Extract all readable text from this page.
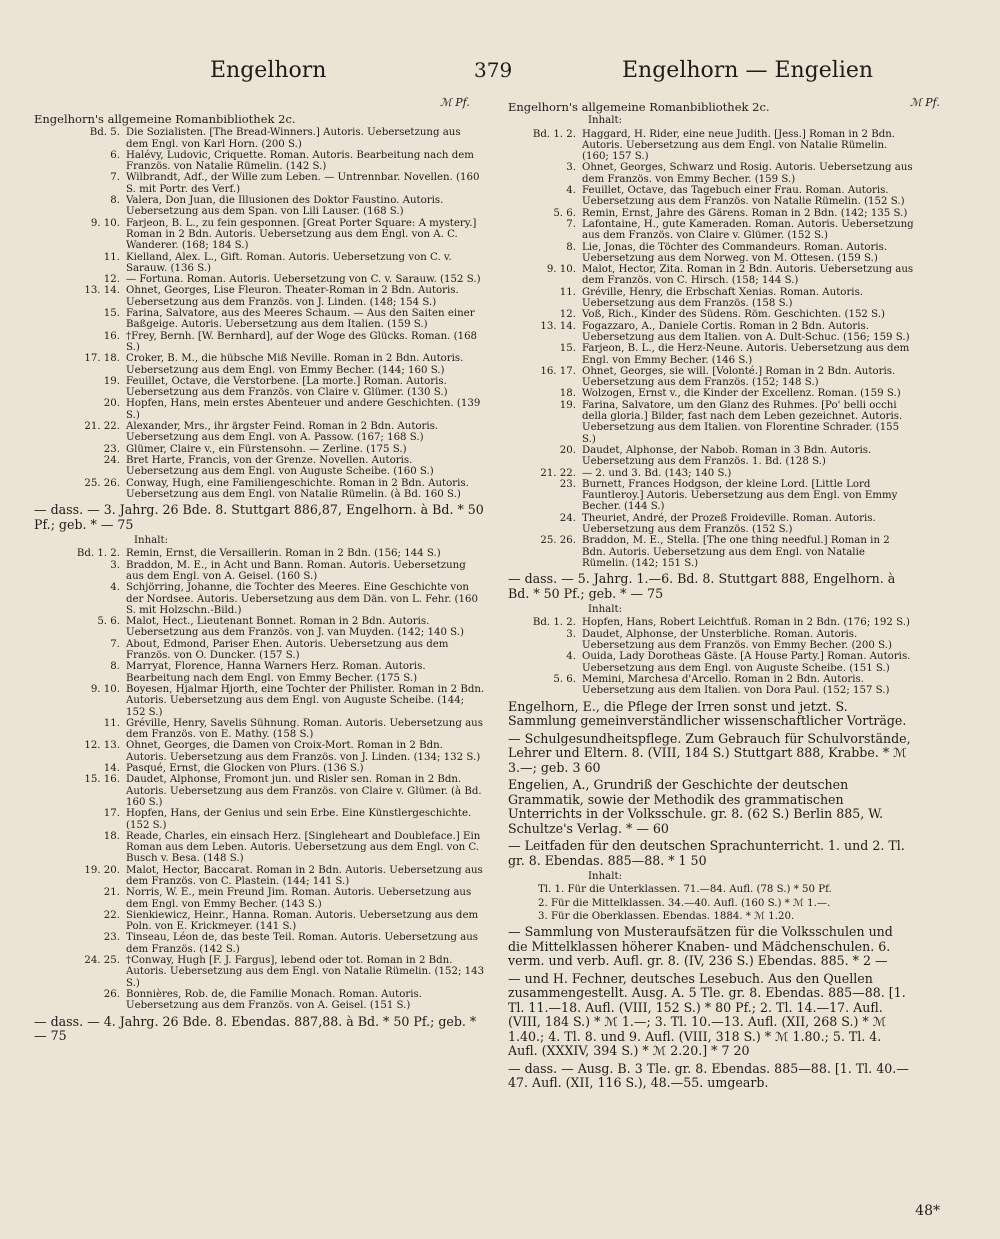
Engelhorn	379	Engelhorn — Engelien
ℳ Pf.	ℳ Pf.
Engelhorn's allgemeine Romanbibliothek 2c.
Bd. 5. Die Sozialisten. [The Bread-Winners.] Autoris. Uebersetzung aus dem Engl. von Karl Horn. (200 S.)
6. Halévy, Ludovic, Criquette. Roman. Autoris. Bearbeitung nach dem Französ. von Natalie Rümelin. (142 S.)
7. Wilbrandt, Adf., der Wille zum Leben. — Untrennbar. Novellen. (160 S. mit Portr. des Verf.)
8. Valera, Don Juan, die Illusionen des Doktor Faustino. Autoris. Uebersetzung aus dem Span. von Lili Lauser. (168 S.)
9. 10. Farjeon, B. L., zu fein gesponnen. [Great Porter Square: A mystery.] Roman in 2 Bdn. Autoris. Uebersetzung aus dem Engl. von A. C. Wanderer. (168; 184 S.)
11. Kielland, Alex. L., Gift. Roman. Autoris. Uebersetzung von C. v. Sarauw. (136 S.)
12. — Fortuna. Roman. Autoris. Uebersetzung von C. v. Sarauw. (152 S.)
13. 14. Ohnet, Georges, Lise Fleuron. Theater-Roman in 2 Bdn. Autoris. Uebersetzung aus dem Französ. von J. Linden. (148; 154 S.)
15. Farina, Salvatore, aus des Meeres Schaum. — Aus den Saiten einer Baßgeige. Autoris. Uebersetzung aus dem Italien. (159 S.)
16. †Frey, Bernh. [W. Bernhard], auf der Woge des Glücks. Roman. (168 S.)
17. 18. Croker, B. M., die hübsche Miß Neville. Roman in 2 Bdn. Autoris. Uebersetzung aus dem Engl. von Emmy Becher. (144; 160 S.)
19. Feuillet, Octave, die Verstorbene. [La morte.] Roman. Autoris. Uebersetzung aus dem Französ. von Claire v. Glümer. (130 S.)
20. Hopfen, Hans, mein erstes Abenteuer und andere Geschichten. (139 S.)
21. 22. Alexander, Mrs., ihr ärgster Feind. Roman in 2 Bdn. Autoris. Uebersetzung aus dem Engl. von A. Passow. (167; 168 S.)
23. Glümer, Claire v., ein Fürstensohn. — Zerline. (175 S.)
24. Bret Harte, Francis, von der Grenze. Novellen. Autoris. Uebersetzung aus dem Engl. von Auguste Scheibe. (160 S.)
25. 26. Conway, Hugh, eine Familiengeschichte. Roman in 2 Bdn. Autoris. Uebersetzung aus dem Engl. von Natalie Rümelin. (à Bd. 160 S.)
— dass. — 3. Jahrg. 26 Bde. 8. Stuttgart 886,87, Engelhorn. à Bd. * 50 Pf.; geb. * — 75
Inhalt:
Bd. 1. 2. Remin, Ernst, die Versaillerin. Roman in 2 Bdn. (156; 144 S.)
3. Braddon, M. E., in Acht und Bann. Roman. Autoris. Uebersetzung aus dem Engl. von A. Geisel. (160 S.)
4. Schjörring, Johanne, die Tochter des Meeres. Eine Geschichte von der Nordsee. Autoris. Uebersetzung aus dem Dän. von L. Fehr. (160 S. mit Holzschn.-Bild.)
5. 6. Malot, Hect., Lieutenant Bonnet. Roman in 2 Bdn. Autoris. Uebersetzung aus dem Französ. von J. van Muyden. (142; 140 S.)
7. About, Edmond, Pariser Ehen. Autoris. Uebersetzung aus dem Französ. von O. Duncker. (157 S.)
8. Marryat, Florence, Hanna Warners Herz. Roman. Autoris. Bearbeitung nach dem Engl. von Emmy Becher. (175 S.)
9. 10. Boyesen, Hjalmar Hjorth, eine Tochter der Philister. Roman in 2 Bdn. Autoris. Uebersetzung aus dem Engl. von Auguste Scheibe. (144; 152 S.)
11. Gréville, Henry, Savelis Sühnung. Roman. Autoris. Uebersetzung aus dem Französ. von E. Mathy. (158 S.)
12. 13. Ohnet, Georges, die Damen von Croix-Mort. Roman in 2 Bdn. Autoris. Uebersetzung aus dem Französ. von J. Linden. (134; 132 S.)
14. Pasqué, Ernst, die Glocken von Plurs. (136 S.)
15. 16. Daudet, Alphonse, Fromont jun. und Risler sen. Roman in 2 Bdn. Autoris. Uebersetzung aus dem Französ. von Claire v. Glümer. (à Bd. 160 S.)
17. Hopfen, Hans, der Genius und sein Erbe. Eine Künstlergeschichte. (152 S.)
18. Reade, Charles, ein einsach Herz. [Singleheart and Doubleface.] Ein Roman aus dem Leben. Autoris. Uebersetzung aus dem Engl. von C. Busch v. Besa. (148 S.)
19. 20. Malot, Hector, Baccarat. Roman in 2 Bdn. Autoris. Uebersetzung aus dem Französ. von C. Plastein. (144; 141 S.)
21. Norris, W. E., mein Freund Jim. Roman. Autoris. Uebersetzung aus dem Engl. von Emmy Becher. (143 S.)
22. Sienkiewicz, Heinr., Hanna. Roman. Autoris. Uebersetzung aus dem Poln. von E. Krickmeyer. (141 S.)
23. Tinseau, Léon de, das beste Teil. Roman. Autoris. Uebersetzung aus dem Französ. (142 S.)
24. 25. †Conway, Hugh [F. J. Fargus], lebend oder tot. Roman in 2 Bdn. Autoris. Uebersetzung aus dem Engl. von Natalie Rümelin. (152; 143 S.)
26. Bonnières, Rob. de, die Familie Monach. Roman. Autoris. Uebersetzung aus dem Französ. von A. Geisel. (151 S.)
— dass. — 4. Jahrg. 26 Bde. 8. Ebendas. 887,88. à Bd. * 50 Pf.; geb. * — 75
Engelhorn's allgemeine Romanbibliothek 2c.
Inhalt:
Bd. 1. 2. Haggard, H. Rider, eine neue Judith. [Jess.] Roman in 2 Bdn. Autoris. Uebersetzung aus dem Engl. von Natalie Rümelin. (160; 157 S.)
3. Ohnet, Georges, Schwarz und Rosig. Autoris. Uebersetzung aus dem Französ. von Emmy Becher. (159 S.)
4. Feuillet, Octave, das Tagebuch einer Frau. Roman. Autoris. Uebersetzung aus dem Französ. von Natalie Rümelin. (152 S.)
5. 6. Remin, Ernst, Jahre des Gärens. Roman in 2 Bdn. (142; 135 S.)
7. Lafontaine, H., gute Kameraden. Roman. Autoris. Uebersetzung aus dem Französ. von Claire v. Glümer. (152 S.)
8. Lie, Jonas, die Töchter des Commandeurs. Roman. Autoris. Uebersetzung aus dem Norweg. von M. Ottesen. (159 S.)
9. 10. Malot, Hector, Zita. Roman in 2 Bdn. Autoris. Uebersetzung aus dem Französ. von C. Hirsch. (158; 144 S.)
11. Gréville, Henry, die Erbschaft Xenias. Roman. Autoris. Uebersetzung aus dem Französ. (158 S.)
12. Voß, Rich., Kinder des Südens. Röm. Geschichten. (152 S.)
13. 14. Fogazzaro, A., Daniele Cortis. Roman in 2 Bdn. Autoris. Uebersetzung aus dem Italien. von A. Dult-Schuc. (156; 159 S.)
15. Farjeon, B. L., die Herz-Neune. Autoris. Uebersetzung aus dem Engl. von Emmy Becher. (146 S.)
16. 17. Ohnet, Georges, sie will. [Volonté.] Roman in 2 Bdn. Autoris. Uebersetzung aus dem Französ. (152; 148 S.)
18. Wolzogen, Ernst v., die Kinder der Excellenz. Roman. (159 S.)
19. Farina, Salvatore, um den Glanz des Ruhmes. [Po' belli occhi della gloria.] Bilder, fast nach dem Leben gezeichnet. Autoris. Uebersetzung aus dem Italien. von Florentine Schrader. (155 S.)
20. Daudet, Alphonse, der Nabob. Roman in 3 Bdn. Autoris. Uebersetzung aus dem Französ. 1. Bd. (128 S.)
21. 22. — 2. und 3. Bd. (143; 140 S.)
23. Burnett, Frances Hodgson, der kleine Lord. [Little Lord Fauntleroy.] Autoris. Uebersetzung aus dem Engl. von Emmy Becher. (144 S.)
24. Theuriet, André, der Prozeß Froideville. Roman. Autoris. Uebersetzung aus dem Französ. (152 S.)
25. 26. Braddon, M. E., Stella. [The one thing needful.] Roman in 2 Bdn. Autoris. Uebersetzung aus dem Engl. von Natalie Rümelin. (142; 151 S.)
— dass. — 5. Jahrg. 1.—6. Bd. 8. Stuttgart 888, Engelhorn. à Bd. * 50 Pf.; geb. * — 75
Inhalt:
Bd. 1. 2. Hopfen, Hans, Robert Leichtfuß. Roman in 2 Bdn. (176; 192 S.)
3. Daudet, Alphonse, der Unsterbliche. Roman. Autoris. Uebersetzung aus dem Französ. von Emmy Becher. (200 S.)
4. Ouida, Lady Dorotheas Gäste. [A House Party.] Roman. Autoris. Uebersetzung aus dem Engl. von Auguste Scheibe. (151 S.)
5. 6. Memini, Marchesa d'Arcello. Roman in 2 Bdn. Autoris. Uebersetzung aus dem Italien. von Dora Paul. (152; 157 S.)
Engelhorn, E., die Pflege der Irren sonst und jetzt. S. Sammlung gemeinverständlicher wissenschaftlicher Vorträge.
— Schulgesundheitspflege. Zum Gebrauch für Schulvorstände, Lehrer und Eltern. 8. (VIII, 184 S.) Stuttgart 888, Krabbe. * ℳ 3.—; geb. 3 60
Engelien, A., Grundriß der Geschichte der deutschen Grammatik, sowie der Methodik des grammatischen Unterrichts in der Volksschule. gr. 8. (62 S.) Berlin 885, W. Schultze's Verlag. * — 60
— Leitfaden für den deutschen Sprachunterricht. 1. und 2. Tl. gr. 8. Ebendas. 885—88. * 1 50
Inhalt:
Tl. 1. Für die Unterklassen. 71.—84. Aufl. (78 S.) * 50 Pf.
2. Für die Mittelklassen. 34.—40. Aufl. (160 S.) * ℳ 1.—.
3. Für die Oberklassen. Ebendas. 1884. * ℳ 1.20.
— Sammlung von Musteraufsätzen für die Volksschulen und die Mittelklassen höherer Knaben- und Mädchenschulen. 6. verm. und verb. Aufl. gr. 8. (IV, 236 S.) Ebendas. 885. * 2 —
— und H. Fechner, deutsches Lesebuch. Aus den Quellen zusammengestellt. Ausg. A. 5 Tle. gr. 8. Ebendas. 885—88. [1. Tl. 11.—18. Aufl. (VIII, 152 S.) * 80 Pf.; 2. Tl. 14.—17. Aufl. (VIII, 184 S.) * ℳ 1.—; 3. Tl. 10.—13. Aufl. (XII, 268 S.) * ℳ 1.40.; 4. Tl. 8. und 9. Aufl. (VIII, 318 S.) * ℳ 1.80.; 5. Tl. 4. Aufl. (XXXIV, 394 S.) * ℳ 2.20.] * 7 20
— dass. — Ausg. B. 3 Tle. gr. 8. Ebendas. 885—88. [1. Tl. 40.—47. Aufl. (XII, 116 S.), 48.—55. umgearb.
48*
